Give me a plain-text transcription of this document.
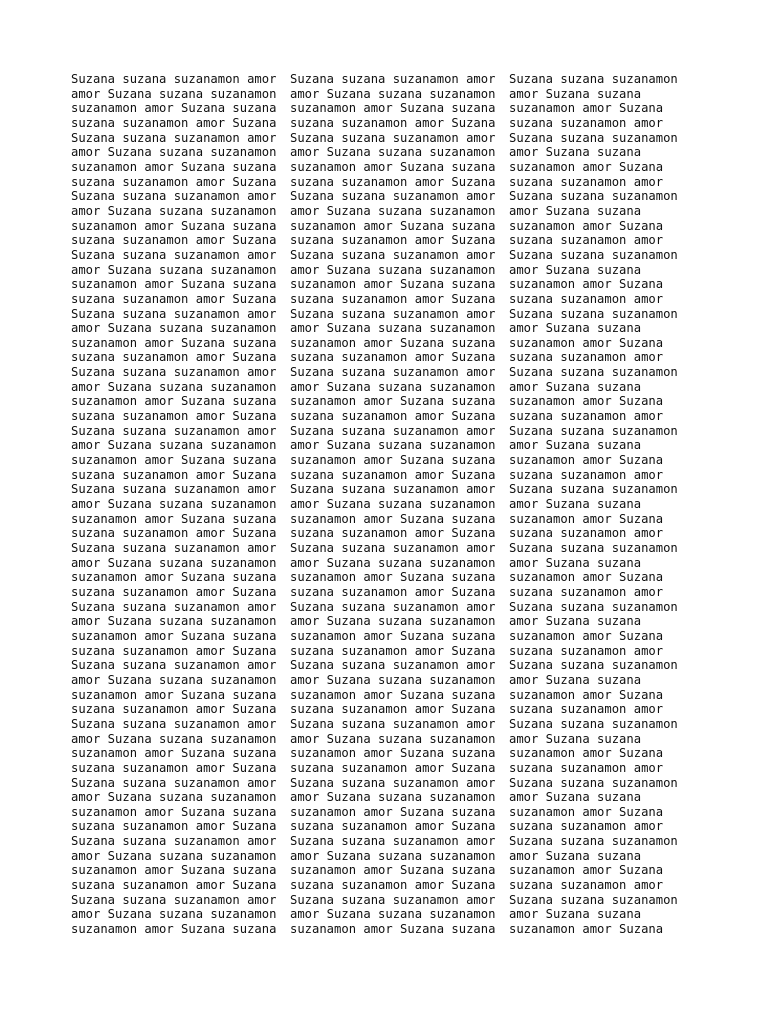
Suzana suzana suzanamon amor
amor Suzana suzana suzanamon
suzanamon amor Suzana suzana
suzana suzanamon amor Suzana
Suzana suzana suzanamon amor
amor Suzana suzana suzanamon
suzanamon amor Suzana suzana
suzana suzanamon amor Suzana
Suzana suzana suzanamon amor
amor Suzana suzana suzanamon
suzanamon amor Suzana suzana
suzana suzanamon amor Suzana
Suzana suzana suzanamon amor
amor Suzana suzana suzanamon
suzanamon amor Suzana suzana
suzana suzanamon amor Suzana
Suzana suzana suzanamon amor
amor Suzana suzana suzanamon
suzanamon amor Suzana suzana
suzana suzanamon amor Suzana
Suzana suzana suzanamon amor
amor Suzana suzana suzanamon
suzanamon amor Suzana suzana
suzana suzanamon amor Suzana
Suzana suzana suzanamon amor
amor Suzana suzana suzanamon
suzanamon amor Suzana suzana
suzana suzanamon amor Suzana
Suzana suzana suzanamon amor
amor Suzana suzana suzanamon
suzanamon amor Suzana suzana
suzana suzanamon amor Suzana
Suzana suzana suzanamon amor
amor Suzana suzana suzanamon
suzanamon amor Suzana suzana
suzana suzanamon amor Suzana
Suzana suzana suzanamon amor
amor Suzana suzana suzanamon
suzanamon amor Suzana suzana
suzana suzanamon amor Suzana
Suzana suzana suzanamon amor
amor Suzana suzana suzanamon
suzanamon amor Suzana suzana
suzana suzanamon amor Suzana
Suzana suzana suzanamon amor
amor Suzana suzana suzanamon
suzanamon amor Suzana suzana
suzana suzanamon amor Suzana
Suzana suzana suzanamon amor
amor Suzana suzana suzanamon
suzanamon amor Suzana suzana
suzana suzanamon amor Suzana
Suzana suzana suzanamon amor
amor Suzana suzana suzanamon
suzanamon amor Suzana suzana
suzana suzanamon amor Suzana
Suzana suzana suzanamon amor
amor Suzana suzana suzanamon
suzanamon amor Suzana suzana
Suzana suzana suzanamon amor
amor Suzana suzana suzanamon
suzanamon amor Suzana suzana
suzana suzanamon amor Suzana
Suzana suzana suzanamon amor
amor Suzana suzana suzanamon
suzanamon amor Suzana suzana
suzana suzanamon amor Suzana
Suzana suzana suzanamon amor
amor Suzana suzana suzanamon
suzanamon amor Suzana suzana
suzana suzanamon amor Suzana
Suzana suzana suzanamon amor
amor Suzana suzana suzanamon
suzanamon amor Suzana suzana
suzana suzanamon amor Suzana
Suzana suzana suzanamon amor
amor Suzana suzana suzanamon
suzanamon amor Suzana suzana
suzana suzanamon amor Suzana
Suzana suzana suzanamon amor
amor Suzana suzana suzanamon
suzanamon amor Suzana suzana
suzana suzanamon amor Suzana
Suzana suzana suzanamon amor
amor Suzana suzana suzanamon
suzanamon amor Suzana suzana
suzana suzanamon amor Suzana
Suzana suzana suzanamon amor
amor Suzana suzana suzanamon
suzanamon amor Suzana suzana
suzana suzanamon amor Suzana
Suzana suzana suzanamon amor
amor Suzana suzana suzanamon
suzanamon amor Suzana suzana
suzana suzanamon amor Suzana
Suzana suzana suzanamon amor
amor Suzana suzana suzanamon
suzanamon amor Suzana suzana
suzana suzanamon amor Suzana
Suzana suzana suzanamon amor
amor Suzana suzana suzanamon
suzanamon amor Suzana suzana
suzana suzanamon amor Suzana
Suzana suzana suzanamon amor
amor Suzana suzana suzanamon
suzanamon amor Suzana suzana
suzana suzanamon amor Suzana
Suzana suzana suzanamon amor
amor Suzana suzana suzanamon
suzanamon amor Suzana suzana
suzana suzanamon amor Suzana
Suzana suzana suzanamon amor
amor Suzana suzana suzanamon
suzanamon amor Suzana suzana
suzana suzanamon amor Suzana
Suzana suzana suzanamon amor
amor Suzana suzana suzanamon
suzanamon amor Suzana suzana
Suzana suzana suzanamon
amor Suzana suzana
suzanamon amor Suzana
suzana suzanamon amor
Suzana suzana suzanamon
amor Suzana suzana
suzanamon amor Suzana
suzana suzanamon amor
Suzana suzana suzanamon
amor Suzana suzana
suzanamon amor Suzana
suzana suzanamon amor
Suzana suzana suzanamon
amor Suzana suzana
suzanamon amor Suzana
suzana suzanamon amor
Suzana suzana suzanamon
amor Suzana suzana
suzanamon amor Suzana
suzana suzanamon amor
Suzana suzana suzanamon
amor Suzana suzana
suzanamon amor Suzana
suzana suzanamon amor
Suzana suzana suzanamon
amor Suzana suzana
suzanamon amor Suzana
suzana suzanamon amor
Suzana suzana suzanamon
amor Suzana suzana
suzanamon amor Suzana
suzana suzanamon amor
Suzana suzana suzanamon
amor Suzana suzana
suzanamon amor Suzana
suzana suzanamon amor
Suzana suzana suzanamon
amor Suzana suzana
suzanamon amor Suzana
suzana suzanamon amor
Suzana suzana suzanamon
amor Suzana suzana
suzanamon amor Suzana
suzana suzanamon amor
Suzana suzana suzanamon
amor Suzana suzana
suzanamon amor Suzana
suzana suzanamon amor
Suzana suzana suzanamon
amor Suzana suzana
suzanamon amor Suzana
suzana suzanamon amor
Suzana suzana suzanamon
amor Suzana suzana
suzanamon amor Suzana
suzana suzanamon amor
Suzana suzana suzanamon
amor Suzana suzana
suzanamon amor Suzana
